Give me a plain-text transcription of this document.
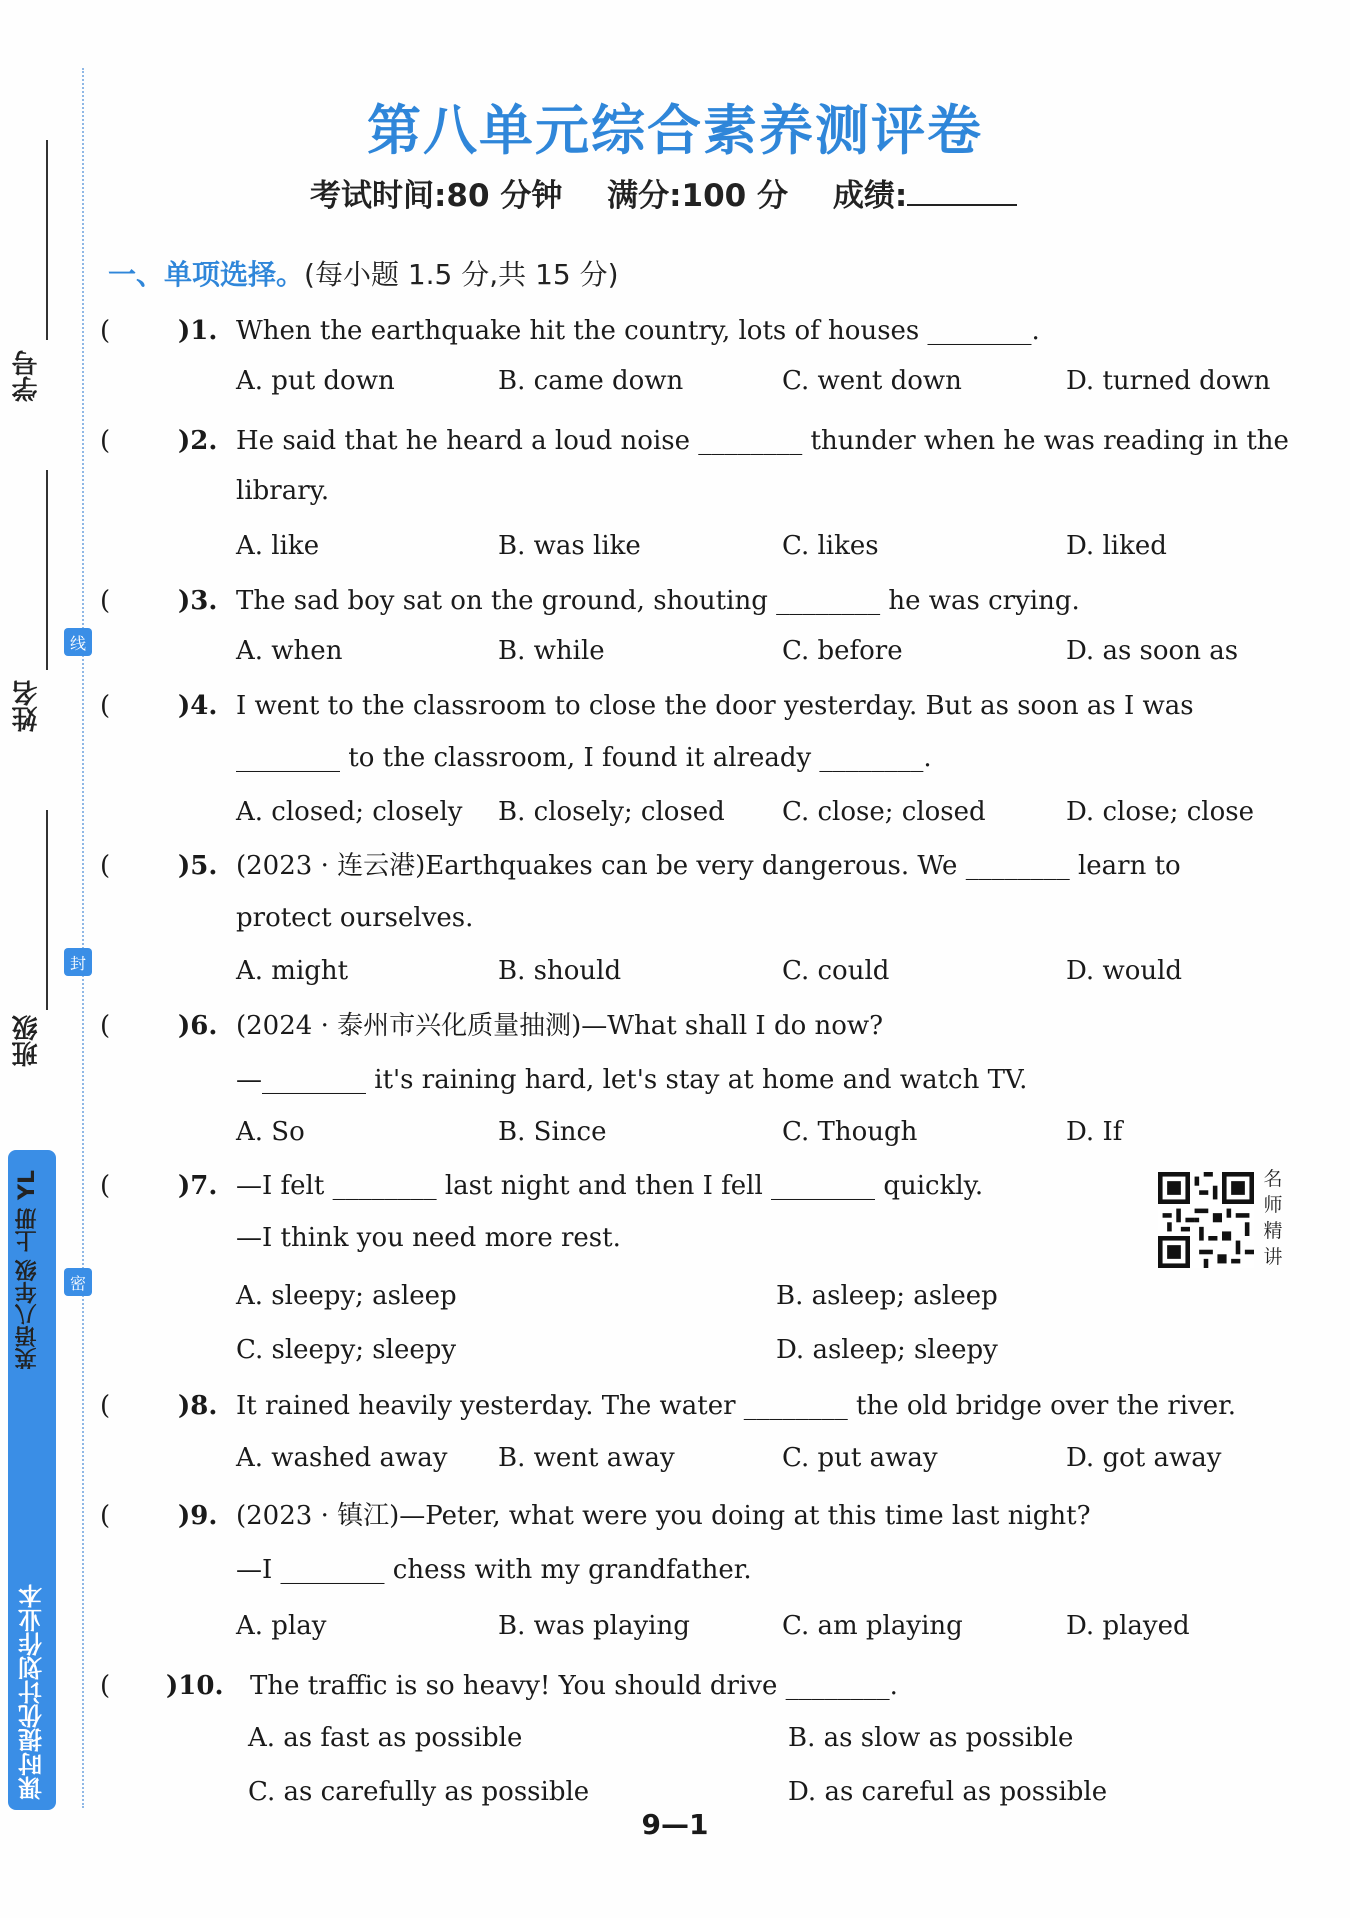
学号
姓名
班级
线
封
密
课时提优计划作业本
英语八年级 上册 YL
第八单元综合素养测评卷
考试时间:80 分钟 满分:100 分 成绩:
一、单项选择。(每小题 1.5 分,共 15 分)
(	)1. When the earthquake hit the country, lots of houses ________.
A. put down	B. came down	C. went down	D. turned down
(	)2. He said that he heard a loud noise ________ thunder when he was reading in the
library.
A. like	B. was like	C. likes	D. liked
(	)3. The sad boy sat on the ground, shouting ________ he was crying.
A. when	B. while	C. before	D. as soon as
(	)4. I went to the classroom to close the door yesterday. But as soon as I was
________ to the classroom, I found it already ________.
A. closed; closely B. closely; closed C. close; closed	D. close; close
(	)5. (2023 · 连云港)Earthquakes can be very dangerous. We ________ learn to
protect ourselves.
A. might	B. should	C. could	D. would
(	)6. (2024 · 泰州市兴化质量抽测)—What shall I do now?
—________ it's raining hard, let's stay at home and watch TV.
A. So	B. Since	C. Though	D. If
(	)7. —I felt ________ last night and then I fell ________ quickly.
—I think you need more rest.
A. sleepy; asleep	B. asleep; asleep
C. sleepy; sleepy	D. asleep; sleepy
(	)8. It rained heavily yesterday. The water ________ the old bridge over the river.
A. washed away B. went away	C. put away	D. got away
(	)9. (2023 · 镇江)—Peter, what were you doing at this time last night?
—I ________ chess with my grandfather.
A. play	B. was playing	C. am playing	D. played
( )10. The traffic is so heavy! You should drive ________.
A. as fast as possible	B. as slow as possible
C. as carefully as possible	D. as careful as possible
名师精讲
9—1
